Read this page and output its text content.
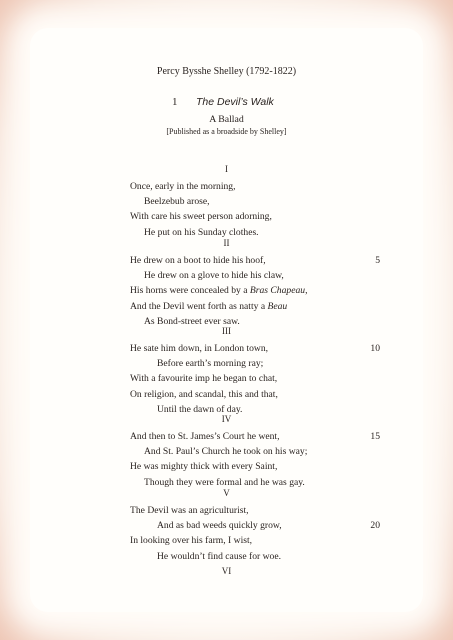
Percy Bysshe Shelley (1792-1822)
1 The Devil’s Walk
A Ballad
[Published as a broadside by Shelley]
I
Once, early in the morning,
Beelzebub arose,
With care his sweet person adorning,
He put on his Sunday clothes.
II
He drew on a boot to hide his hoof,	5
He drew on a glove to hide his claw,
His horns were concealed by a Bras Chapeau,
And the Devil went forth as natty a Beau
As Bond-street ever saw.
III
He sate him down, in London town,	10
Before earth’s morning ray;
With a favourite imp he began to chat,
On religion, and scandal, this and that,
Until the dawn of day.
IV
And then to St. James’s Court he went,	15
And St. Paul’s Church he took on his way;
He was mighty thick with every Saint,
Though they were formal and he was gay.
V
The Devil was an agriculturist,
And as bad weeds quickly grow,	20
In looking over his farm, I wist,
He wouldn’t find cause for woe.
VI
